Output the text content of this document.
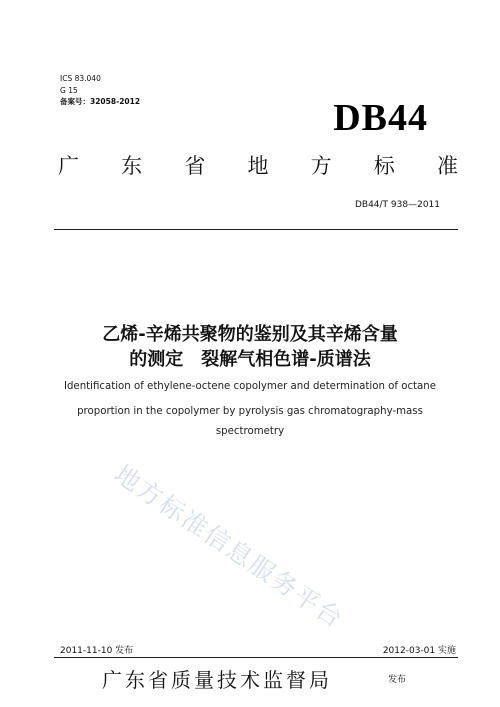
ICS 83.040
G 15
备案号：32058-2012	DB44
广 东 省 地 方 标 准
DB44/T 938—2011
乙烯-辛烯共聚物的鉴别及其辛烯含量
的测定　裂解气相色谱-质谱法
Identification of ethylene-octene copolymer and determination of octane
proportion in the copolymer by pyrolysis gas chromatography-mass
spectrometry
地方标准信息服务平台
2011-11-10 发布	2012-03-01 实施
广东省质量技术监督局	发布
